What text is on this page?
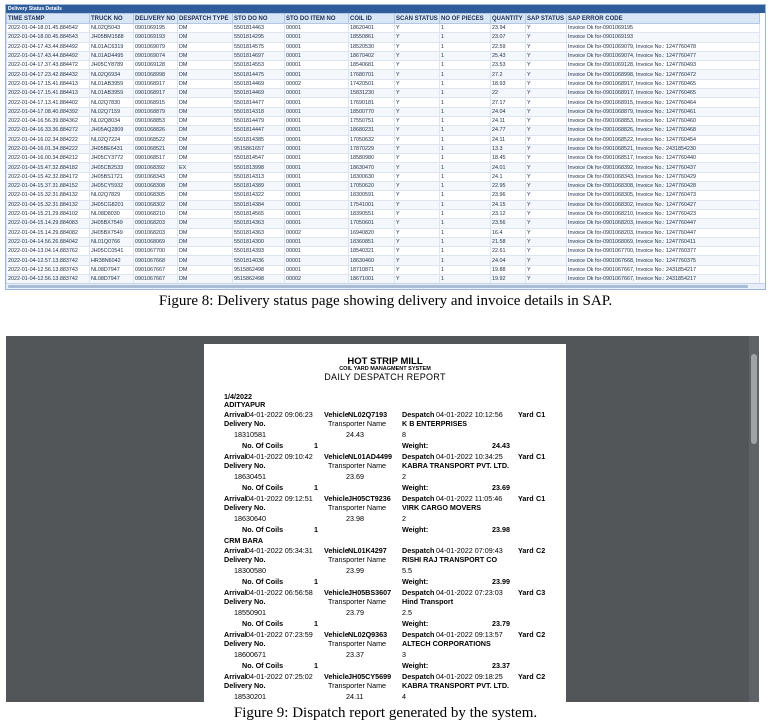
Delivery Status Details
TIME STAMP	TRUCK NO	DELIVERY NO	DESPATCH TYPE	STO DO NO	STO DO ITEM NO	COIL ID	SCAN STATUS	NO OF PIECES	QUANTITY	SAP STATUS	SAP ERROR CODE
2022-01-04-18.01.45.884542	NL02Q5043	0901069195	DM	5501814463	00001	18620401	Y	1	23.94	Y	Invoice Ok for-0901069195
2022-01-04-18.00.45.884543	JH05BM1588	0901069193	DM	5501814295	00001	18550861	Y	1	23.07	Y	Invoice Ok for-0901069193
2022-01-04-17.43.44.884492	NL01AC6319	0901069079	DM	5501814575	00001	18520530	Y	1	22.59	Y	Invoice Ok for-0901069079, Invoice No.: 1247760478
2022-01-04-17.43.44.884492	NL01AD4495	0901069074	DM	5501814697	00001	18670402	Y	1	25.43	Y	Invoice Ok for-0901069074, Invoice No.: 1247760477
2022-01-04-17.37.43.884472	JH05CY8789	0901069128	DM	5501814553	00001	18540681	Y	1	23.53	Y	Invoice Ok for-0901069128, Invoice No.: 1247760493
2022-01-04-17.23.42.884432	NL02Q6934	0901068998	DM	5501814475	00001	17680701	Y	1	27.2	Y	Invoice Ok for-0901068998, Invoice No.: 1247760472
2022-01-04-17.15.41.884413	NL01AB3959	0901068917	DM	5501814469	00002	17420501	Y	1	18.93	Y	Invoice Ok for-0901068917, Invoice No.: 1247760465
2022-01-04-17.15.41.884413	NL01AB3959	0901068917	DM	5501814469	00001	15831230	Y	1	22	Y	Invoice Ok for-0901068917, Invoice No.: 1247760465
2022-01-04-17.13.41.884402	NL02Q7830	0901068915	DM	5501814477	00001	17690181	Y	1	27.17	Y	Invoice Ok for-0901068915, Invoice No.: 1247760464
2022-01-04-17.08.40.884392	NL02Q7159	0901068879	DM	5501814318	00001	18500770	Y	1	24.04	Y	Invoice Ok for-0901068879, Invoice No.: 1247760461
2022-01-04-16.56.39.884362	NL02Q8034	0901068853	DM	5501814479	00001	17550751	Y	1	24.11	Y	Invoice Ok for-0901068853, Invoice No.: 1247760460
2022-01-04-16.33.36.884272	JH05AQ2809	0901068826	DM	5501814447	00001	18680231	Y	1	24.77	Y	Invoice Ok for-0901068826, Invoice No.: 1247760468
2022-01-04-16.02.34.884222	NL02Q7224	0901068522	DM	5501814385	00001	17050632	Y	1	24.11	Y	Invoice Ok for-0901068522, Invoice No.: 1247760454
2022-01-04-16.01.34.884222	JH05BE6431	0901068521	DM	9515861657	00001	17870229	Y	1	13.3	Y	Invoice Ok for-0901068521, Invoice No.: 2431854230
2022-01-04-16.00.34.884212	JH05CY3772	0901068517	DM	5501814547	00001	18580980	Y	1	18.45	Y	Invoice Ok for-0901068517, Invoice No.: 1247760440
2022-01-04-15.47.32.884182	JH05CB2533	0901068392	EX	5501813998	00001	18630470	Y	1	24.01	Y	Invoice Ok for-0901068392, Invoice No.: 1247760437
2022-01-04-15.42.32.884172	JH05BS1721	0901068343	DM	5501814313	00001	18300630	Y	1	24.1	Y	Invoice Ok for-0901068343, Invoice No.: 1247760429
2022-01-04-15.37.31.884152	JH05CY5932	0901068308	DM	5501814389	00001	17050620	Y	1	22.95	Y	Invoice Ok for-0901068308, Invoice No.: 1247760428
2022-01-04-15.32.31.884132	NL02Q7829	0901068305	DM	5501814322	00001	18300591	Y	1	23.96	Y	Invoice Ok for-0901068305, Invoice No.: 1247760473
2022-01-04-15.32.31.884132	JH05CG8201	0901068302	DM	5501814384	00001	17541001	Y	1	24.15	Y	Invoice Ok for-0901068302, Invoice No.: 1247760427
2022-01-04-15.21.29.884102	NL08D8030	0901068210	DM	5501814565	00001	18390551	Y	1	23.12	Y	Invoice Ok for-0901068210, Invoice No.: 1247760423
2022-01-04-15.14.29.884083	JH05BX7549	0901068203	DM	5501814363	00001	17050601	Y	1	23.56	Y	Invoice Ok for-0901068203, Invoice No.: 1247760447
2022-01-04-15.14.29.884082	JH05BX7549	0901068203	DM	5501814363	00002	16940820	Y	1	16.4	Y	Invoice Ok for-0901068203, Invoice No.: 1247760447
2022-01-04-14.56.26.884042	NL01Q0766	0901068069	DM	5501814300	00001	18360851	Y	1	21.58	Y	Invoice Ok for-0901068069, Invoice No.: 1247760411
2022-01-04-13.04.14.883762	JH05CC0541	0901067700	DM	5501814393	00001	18540321	Y	1	22.61	Y	Invoice Ok for-0901067700, Invoice No.: 1247760377
2022-01-04-12.57.13.883742	HR38N6042	0901067668	DM	5501814036	00001	18630460	Y	1	24.04	Y	Invoice Ok for-0901067668, Invoice No.: 1247760375
2022-01-04-12.56.13.883743	NL08D7947	0901067667	DM	9515862498	00001	18710871	Y	1	19.88	Y	Invoice Ok for-0901067667, Invoice No.: 2431854217
2022-01-04-12.56.13.883742	NL08D7947	0901067667	DM	9515862498	00002	18671001	Y	1	19.92	Y	Invoice Ok for-0901067667, Invoice No.: 2431854217

Figure 8: Delivery status page showing delivery and invoice details in SAP.
HOT STRIP MILL
COIL YARD MANAGMENT SYSTEM
DAILY DESPATCH REPORT
1/4/2022
ADITYAPUR
Arrival 04-01-2022 09:06:23 Vehicle NL02Q7193 Despatch 04-01-2022 10:12:56 Yard C1
Delivery No.	Transporter Name K B ENTERPRISES
18310581	24.43	8
No. Of Coils	1	Weight:	24.43
Arrival 04-01-2022 09:10:42 Vehicle NL01AD4499 Despatch 04-01-2022 10:34:25 Yard C1
Delivery No.	Transporter Name KABRA TRANSPORT PVT. LTD.
18630451	23.69	2
No. Of Coils	1	Weight:	23.69
Arrival 04-01-2022 09:12:51 Vehicle JH05CT9236 Despatch 04-01-2022 11:05:46 Yard C1
Delivery No.	Transporter Name VIRK CARGO MOVERS
18630640	23.98	2
No. Of Coils	1	Weight:	23.98
CRM BARA
Arrival 04-01-2022 05:34:31 Vehicle NL01K4297 Despatch 04-01-2022 07:09:43 Yard C2
Delivery No.	Transporter Name RISHI RAJ TRANSPORT CO
18300580	23.99	5.5
No. Of Coils	1	Weight:	23.99
Arrival 04-01-2022 06:56:58 Vehicle JH05BS3607 Despatch 04-01-2022 07:23:03 Yard C3
Delivery No.	Transporter Name Hind Transport
18550901	23.79	2.5
No. Of Coils	1	Weight:	23.79
Arrival 04-01-2022 07:23:59 Vehicle NL02Q9363 Despatch 04-01-2022 09:13:57 Yard C2
Delivery No.	Transporter Name ALTECH CORPORATIONS
18600671	23.37	3
No. Of Coils	1	Weight:	23.37
Arrival 04-01-2022 07:25:02 Vehicle JH05CY5699 Despatch 04-01-2022 09:18:25 Yard C2
Delivery No.	Transporter Name KABRA TRANSPORT PVT. LTD.
18530201	24.11	4
Figure 9: Dispatch report generated by the system.
